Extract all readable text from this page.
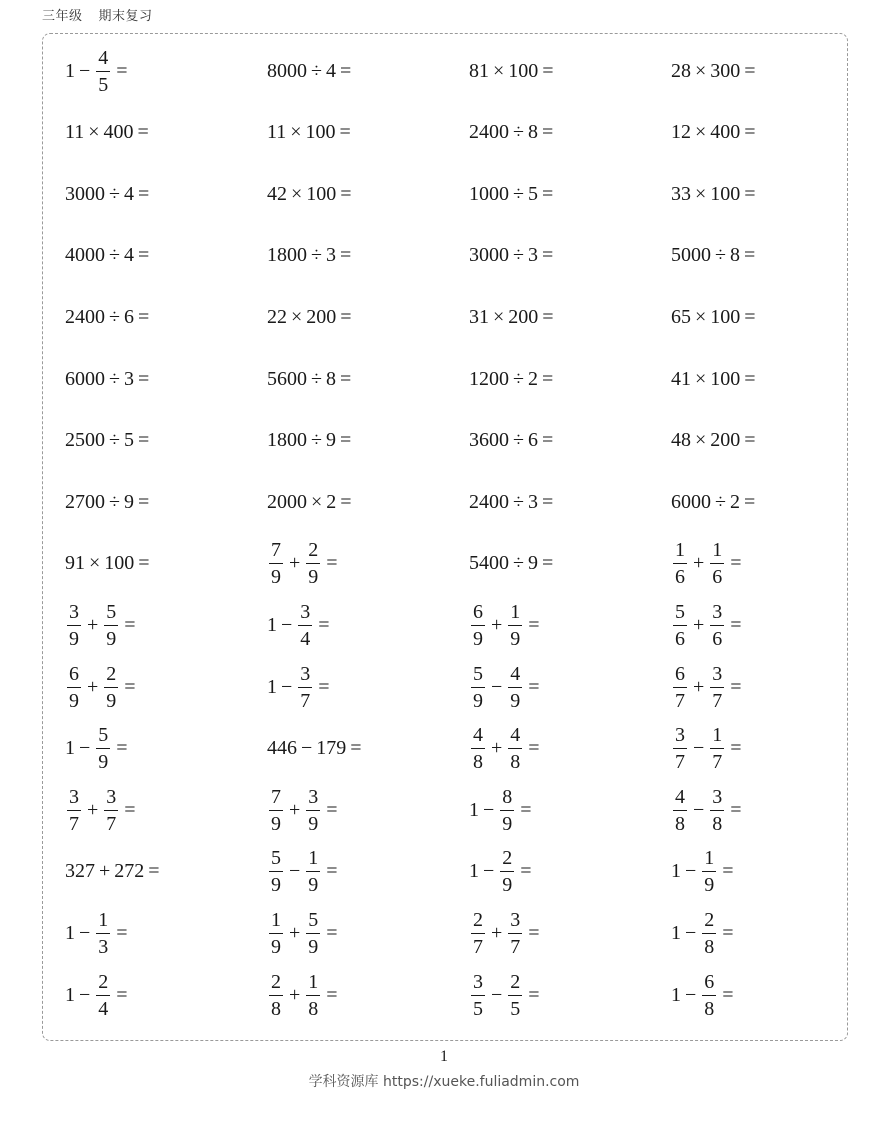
三年级 期末复习
$1 - \frac{4}{5}$ =	8000 ÷ 4 =	81 × 100 =	28 × 300 =
11 × 400 =	11 × 100 =	2400 ÷ 8 =	12 × 400 =
3000 ÷ 4 =	42 × 100 =	1000 ÷ 5 =	33 × 100 =
4000 ÷ 4 =	1800 ÷ 3 =	3000 ÷ 3 =	5000 ÷ 8 =
2400 ÷ 6 =	22 × 200 =	31 × 200 =	65 × 100 =
6000 ÷ 3 =	5600 ÷ 8 =	1200 ÷ 2 =	41 × 100 =
2500 ÷ 5 =	1800 ÷ 9 =	3600 ÷ 6 =	48 × 200 =
2700 ÷ 9 =	2000 × 2 =	2400 ÷ 3 =	6000 ÷ 2 =
91 × 100 =	$\frac{7}{9} + \frac{2}{9}$ =	5400 ÷ 9 =	$\frac{1}{6} + \frac{1}{6}$ =
$\frac{3}{9} + \frac{5}{9}$ =	$1 - \frac{3}{4}$ =	$\frac{6}{9} + \frac{1}{9}$ =	$\frac{5}{6} + \frac{3}{6}$ =
$\frac{6}{9} + \frac{2}{9}$ =	$1 - \frac{3}{7}$ =	$\frac{5}{9} - \frac{4}{9}$ =	$\frac{6}{7} + \frac{3}{7}$ =
$1 - \frac{5}{9}$ =	446 − 179 =	$\frac{4}{8} + \frac{4}{8}$ =	$\frac{3}{7} - \frac{1}{7}$ =
$\frac{3}{7} + \frac{3}{7}$ =	$\frac{7}{9} + \frac{3}{9}$ =	$1 - \frac{8}{9}$ =	$\frac{4}{8} - \frac{3}{8}$ =
327 + 272 =	$\frac{5}{9} - \frac{1}{9}$ =	$1 - \frac{2}{9}$ =	$1 - \frac{1}{9}$ =
$1 - \frac{1}{3}$ =	$\frac{1}{9} + \frac{5}{9}$ =	$\frac{2}{7} + \frac{3}{7}$ =	$1 - \frac{2}{8}$ =
$1 - \frac{2}{4}$ =	$\frac{2}{8} + \frac{1}{8}$ =	$\frac{3}{5} - \frac{2}{5}$ =	$1 - \frac{6}{8}$ =
1
学科资源库 https://xueke.fuliadmin.com
